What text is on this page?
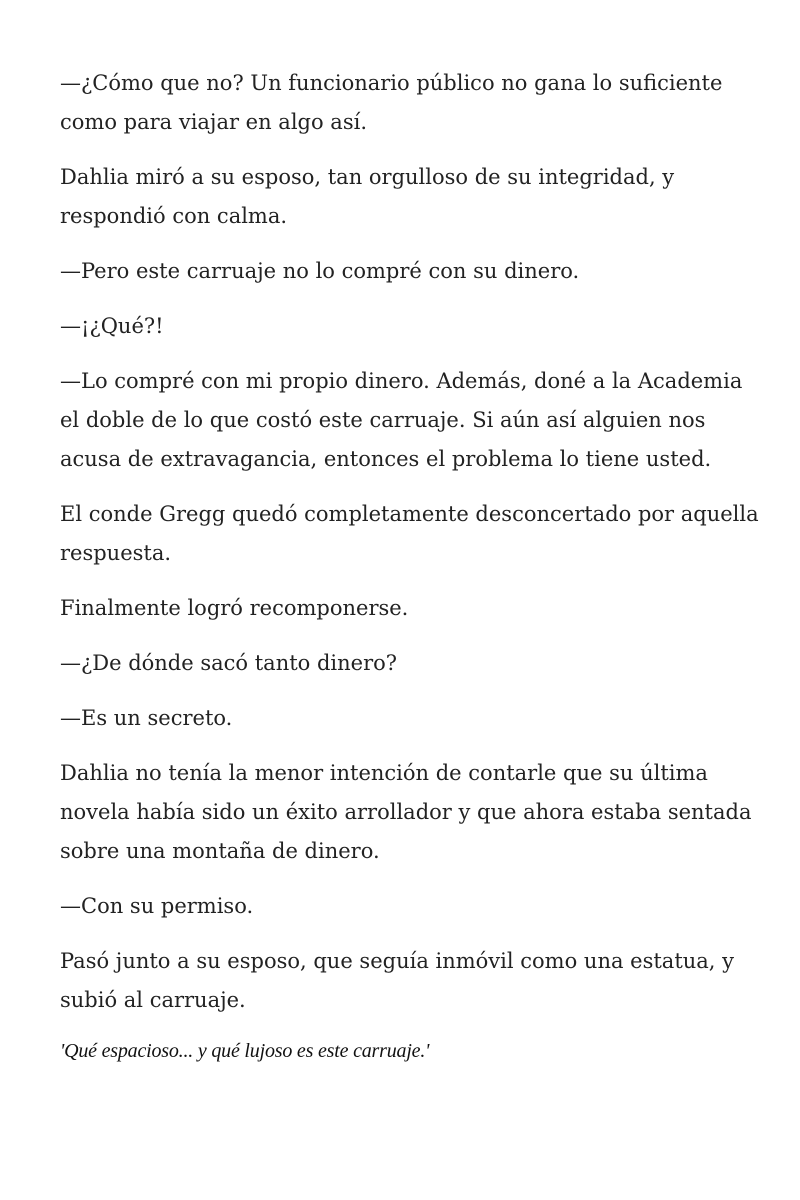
—¿Cómo que no? Un funcionario público no gana lo suficiente como para viajar en algo así.

Dahlia miró a su esposo, tan orgulloso de su integridad, y respondió con calma.

—Pero este carruaje no lo compré con su dinero.

—¡¿Qué?!

—Lo compré con mi propio dinero. Además, doné a la Academia el doble de lo que costó este carruaje. Si aún así alguien nos acusa de extravagancia, entonces el problema lo tiene usted.

El conde Gregg quedó completamente desconcertado por aquella respuesta.

Finalmente logró recomponerse.

—¿De dónde sacó tanto dinero?

—Es un secreto.

Dahlia no tenía la menor intención de contarle que su última novela había sido un éxito arrollador y que ahora estaba sentada sobre una montaña de dinero.

—Con su permiso.

Pasó junto a su esposo, que seguía inmóvil como una estatua, y subió al carruaje.

'Qué espacioso... y qué lujoso es este carruaje.'
